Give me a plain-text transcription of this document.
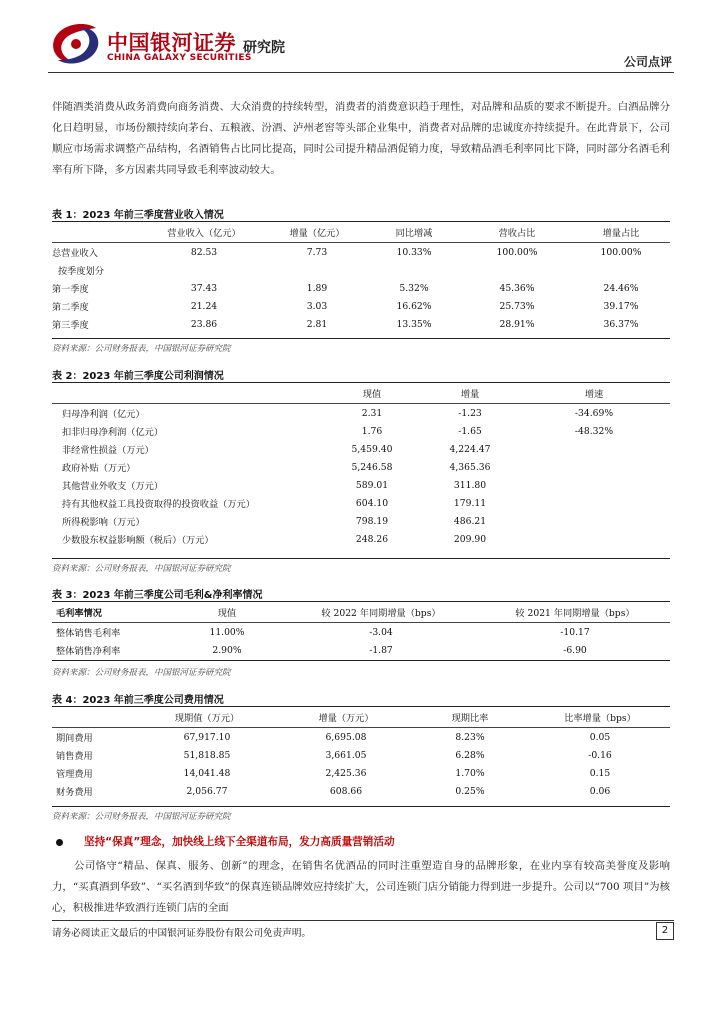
中国银河证券
CHINA GALAXY SECURITIES
研究院
公司点评
伴随酒类消费从政务消费向商务消费、大众消费的持续转型，消费者的消费意识趋于理性，对品牌和品质的要求不断提升。白酒品牌分化日趋明显，市场份额持续向茅台、五粮液、汾酒、泸州老窖等头部企业集中，消费者对品牌的忠诚度亦持续提升。在此背景下，公司顺应市场需求调整产品结构，名酒销售占比同比提高，同时公司提升精品酒促销力度，导致精品酒毛利率同比下降，同时部分名酒毛利率有所下降，多方因素共同导致毛利率波动较大。
表 1：2023 年前三季度营业收入情况
	营业收入（亿元）	增量（亿元）	同比增减	营收占比	增量占比
总营业收入	82.53	7.73	10.33%	100.00%	100.00%
按季度划分					
第一季度	37.43	1.89	5.32%	45.36%	24.46%
第二季度	21.24	3.03	16.62%	25.73%	39.17%
第三季度	23.86	2.81	13.35%	28.91%	36.37%
资料来源：公司财务报表，中国银河证券研究院
表 2：2023 年前三季度公司利润情况
	现值	增量	增速
归母净利润（亿元）	2.31	-1.23	-34.69%
扣非归母净利润（亿元）	1.76	-1.65	-48.32%
非经常性损益（万元）	5,459.40	4,224.47	
政府补贴（万元）	5,246.58	4,365.36	
其他营业外收支（万元）	589.01	311.80	
持有其他权益工具投资取得的投资收益（万元）	604.10	179.11	
所得税影响（万元）	798.19	486.21	
少数股东权益影响额（税后）（万元）	248.26	209.90	
资料来源：公司财务报表，中国银河证券研究院
表 3：2023 年前三季度公司毛利&净利率情况
毛利率情况	现值	较 2022 年同期增量（bps）	较 2021 年同期增量（bps）
整体销售毛利率	11.00%	-3.04	-10.17
整体销售净利率	2.90%	-1.87	-6.90
资料来源：公司财务报表，中国银河证券研究院
表 4：2023 年前三季度公司费用情况
	现期值（万元）	增量（万元）	现期比率	比率增量（bps）
期间费用	67,917.10	6,695.08	8.23%	0.05
销售费用	51,818.85	3,661.05	6.28%	-0.16
管理费用	14,041.48	2,425.36	1.70%	0.15
财务费用	2,056.77	608.66	0.25%	0.06
资料来源：公司财务报表，中国银河证券研究院
坚持“保真”理念，加快线上线下全渠道布局，发力高质量营销活动
公司恪守“精品、保真、服务、创新”的理念，在销售名优酒品的同时注重塑造自身的品牌形象，在业内享有较高美誉度及影响力，“买真酒到华致”、“买名酒到华致”的保真连锁品牌效应持续扩大，公司连锁门店分销能力得到进一步提升。公司以“700 项目”为核心，积极推进华致酒行连锁门店的全面
请务必阅读正文最后的中国银河证券股份有限公司免责声明。	2
